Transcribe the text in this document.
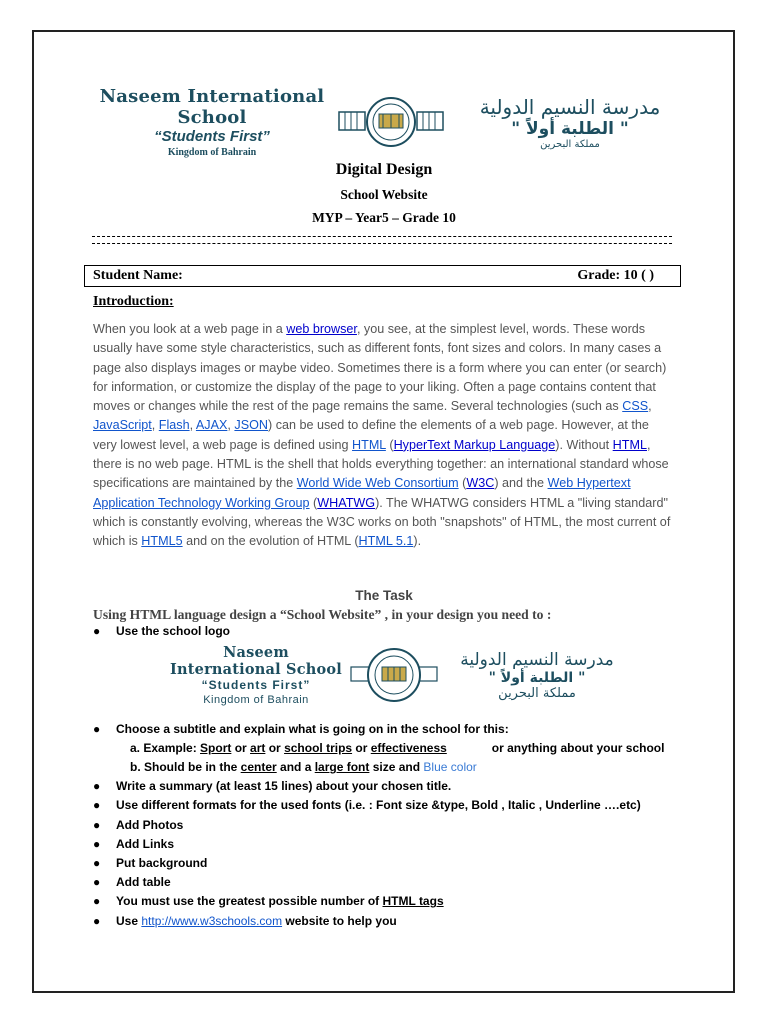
Naseem International School
“Students First”
Kingdom of Bahrain
مدرسة النسيم الدولية
" الطلبة أولاً "
مملكة البحرين
Digital Design
School Website
MYP – Year5 – Grade 10
Student Name:	Grade: 10 ( )
Introduction:
When you look at a web page in a web browser, you see, at the simplest level, words. These words usually have some style characteristics, such as different fonts, font sizes and colors. In many cases a page also displays images or maybe video. Sometimes there is a form where you can enter (or search) for information, or customize the display of the page to your liking. Often a page contains content that moves or changes while the rest of the page remains the same. Several technologies (such as CSS, JavaScript, Flash, AJAX, JSON) can be used to define the elements of a web page. However, at the very lowest level, a web page is defined using HTML (HyperText Markup Language). Without HTML, there is no web page. HTML is the shell that holds everything together: an international standard whose specifications are maintained by the World Wide Web Consortium (W3C) and the Web Hypertext Application Technology Working Group (WHATWG). The WHATWG considers HTML a "living standard" which is constantly evolving, whereas the W3C works on both "snapshots" of HTML, the most current of which is HTML5 and on the evolution of HTML (HTML 5.1).
The Task
Using HTML language design a “School Website” , in your design you need to :
● Use the school logo
Naseem International School
“Students First”
Kingdom of Bahrain
مدرسة النسيم الدولية
" الطلبة أولاً "
مملكة البحرين
● Choose a subtitle and explain what is going on in the school for this:
a. Example: Sport or art or school trips or effectiveness	or anything about your school
b. Should be in the center and a large font size and Blue color
● Write a summary (at least 15 lines) about your chosen title.
● Use different formats for the used fonts (i.e. : Font size &type, Bold , Italic , Underline ….etc)
● Add Photos
● Add Links
● Put background
● Add table
● You must use the greatest possible number of HTML tags
● Use http://www.w3schools.com website to help you
